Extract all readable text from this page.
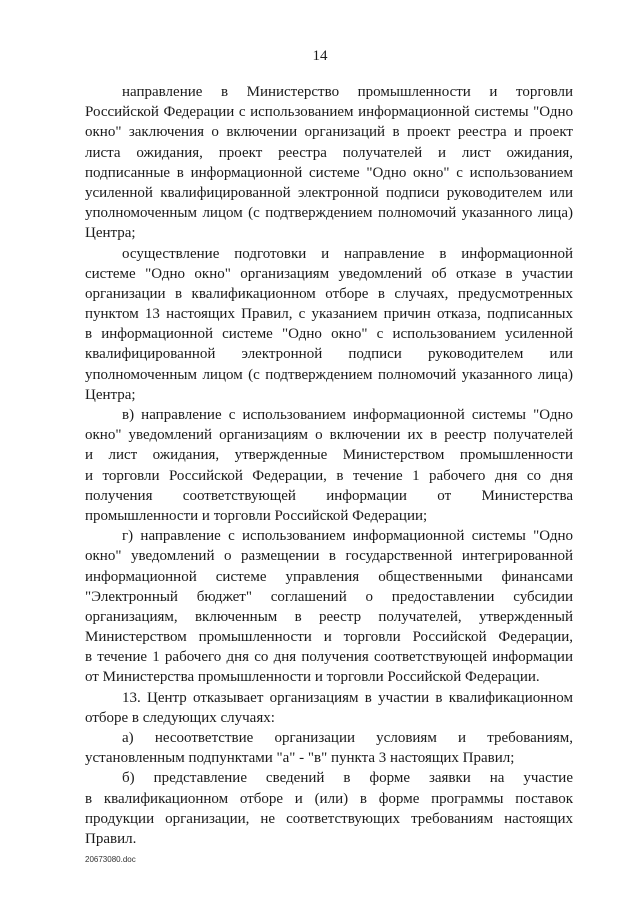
14
направление в Министерство промышленности и торговли
Российской Федерации с использованием информационной системы "Одно
окно" заключения о включении организаций в проект реестра и проект
листа ожидания, проект реестра получателей и лист ожидания,
подписанные в информационной системе "Одно окно" с использованием
усиленной квалифицированной электронной подписи руководителем или
уполномоченным лицом (с подтверждением полномочий указанного лица)
Центра;
осуществление подготовки и направление в информационной
системе "Одно окно" организациям уведомлений об отказе в участии
организации в квалификационном отборе в случаях, предусмотренных
пунктом 13 настоящих Правил, с указанием причин отказа, подписанных
в информационной системе "Одно окно" с использованием усиленной
квалифицированной электронной подписи руководителем или
уполномоченным лицом (с подтверждением полномочий указанного лица)
Центра;
в) направление с использованием информационной системы "Одно
окно" уведомлений организациям о включении их в реестр получателей
и лист ожидания, утвержденные Министерством промышленности
и торговли Российской Федерации, в течение 1 рабочего дня со дня
получения соответствующей информации от Министерства
промышленности и торговли Российской Федерации;
г) направление с использованием информационной системы "Одно
окно" уведомлений о размещении в государственной интегрированной
информационной системе управления общественными финансами
"Электронный бюджет" соглашений о предоставлении субсидии
организациям, включенным в реестр получателей, утвержденный
Министерством промышленности и торговли Российской Федерации,
в течение 1 рабочего дня со дня получения соответствующей информации
от Министерства промышленности и торговли Российской Федерации.
13. Центр отказывает организациям в участии в квалификационном
отборе в следующих случаях:
а) несоответствие организации условиям и требованиям,
установленным подпунктами "а" - "в" пункта 3 настоящих Правил;
б) представление сведений в форме заявки на участие
в квалификационном отборе и (или) в форме программы поставок
продукции организации, не соответствующих требованиям настоящих
Правил.
20673080.doc
